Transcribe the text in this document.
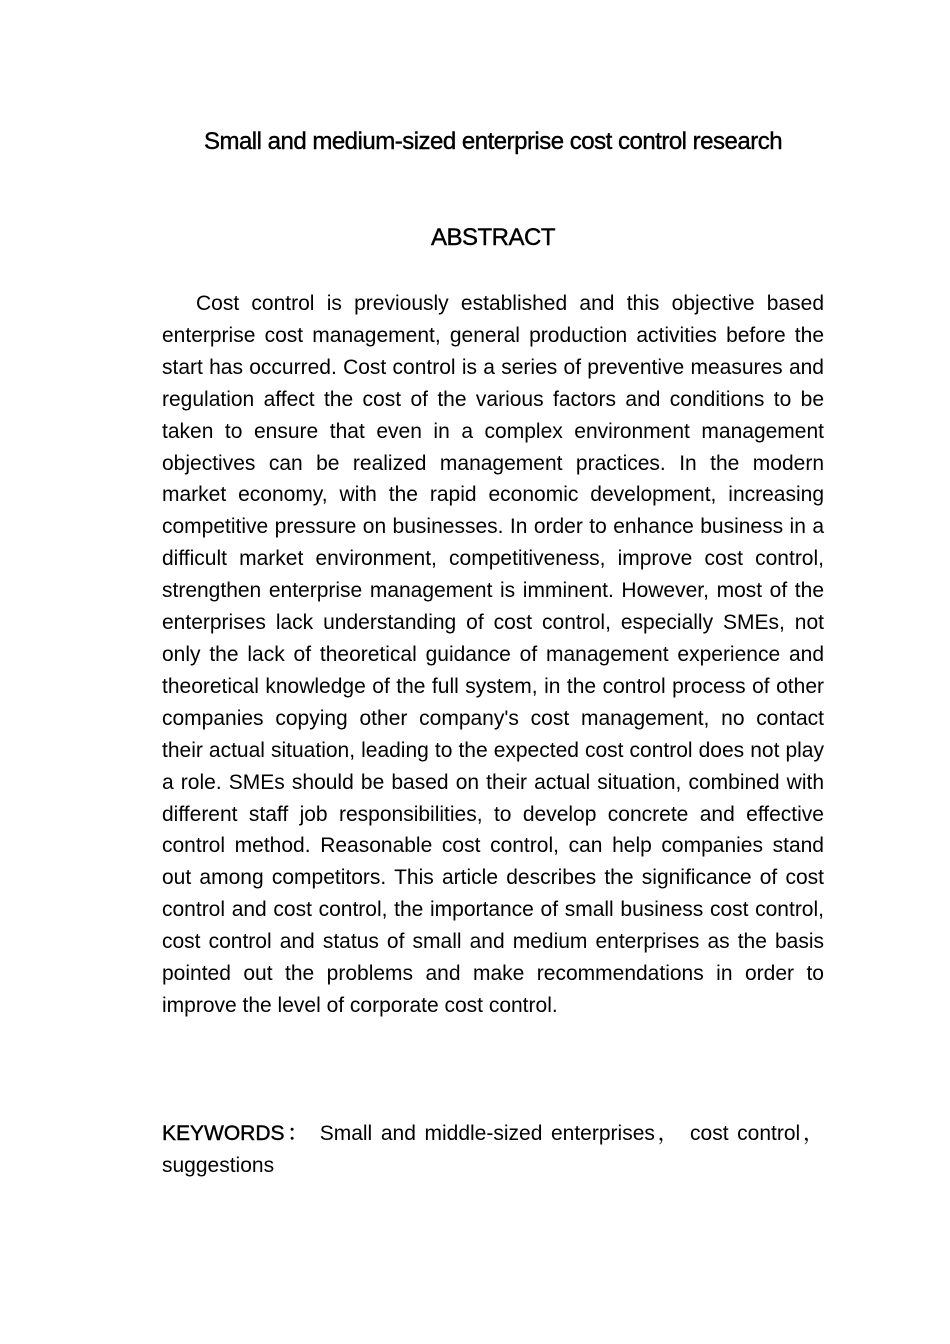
Small and medium-sized enterprise cost control research
ABSTRACT

Cost control is previously established and this objective based enterprise cost management, general production activities before the start has occurred. Cost control is a series of preventive measures and regulation affect the cost of the various factors and conditions to be taken to ensure that even in a complex environment management objectives can be realized management practices. In the modern market economy, with the rapid economic development, increasing competitive pressure on businesses. In order to enhance business in a difficult market environment, competitiveness, improve cost control, strengthen enterprise management is imminent. However, most of the enterprises lack understanding of cost control, especially SMEs, not only the lack of theoretical guidance of management experience and theoretical knowledge of the full system, in the control process of other companies copying other company's cost management, no contact their actual situation, leading to the expected cost control does not play a role. SMEs should be based on their actual situation, combined with different staff job responsibilities, to develop concrete and effective control method. Reasonable cost control, can help companies stand out among competitors. This article describes the significance of cost control and cost control, the importance of small business cost control, cost control and status of small and medium enterprises as the basis pointed out the problems and make recommendations in order to improve the level of corporate cost control.

KEYWORDS： Small and middle-sized enterprises， cost control，suggestions
